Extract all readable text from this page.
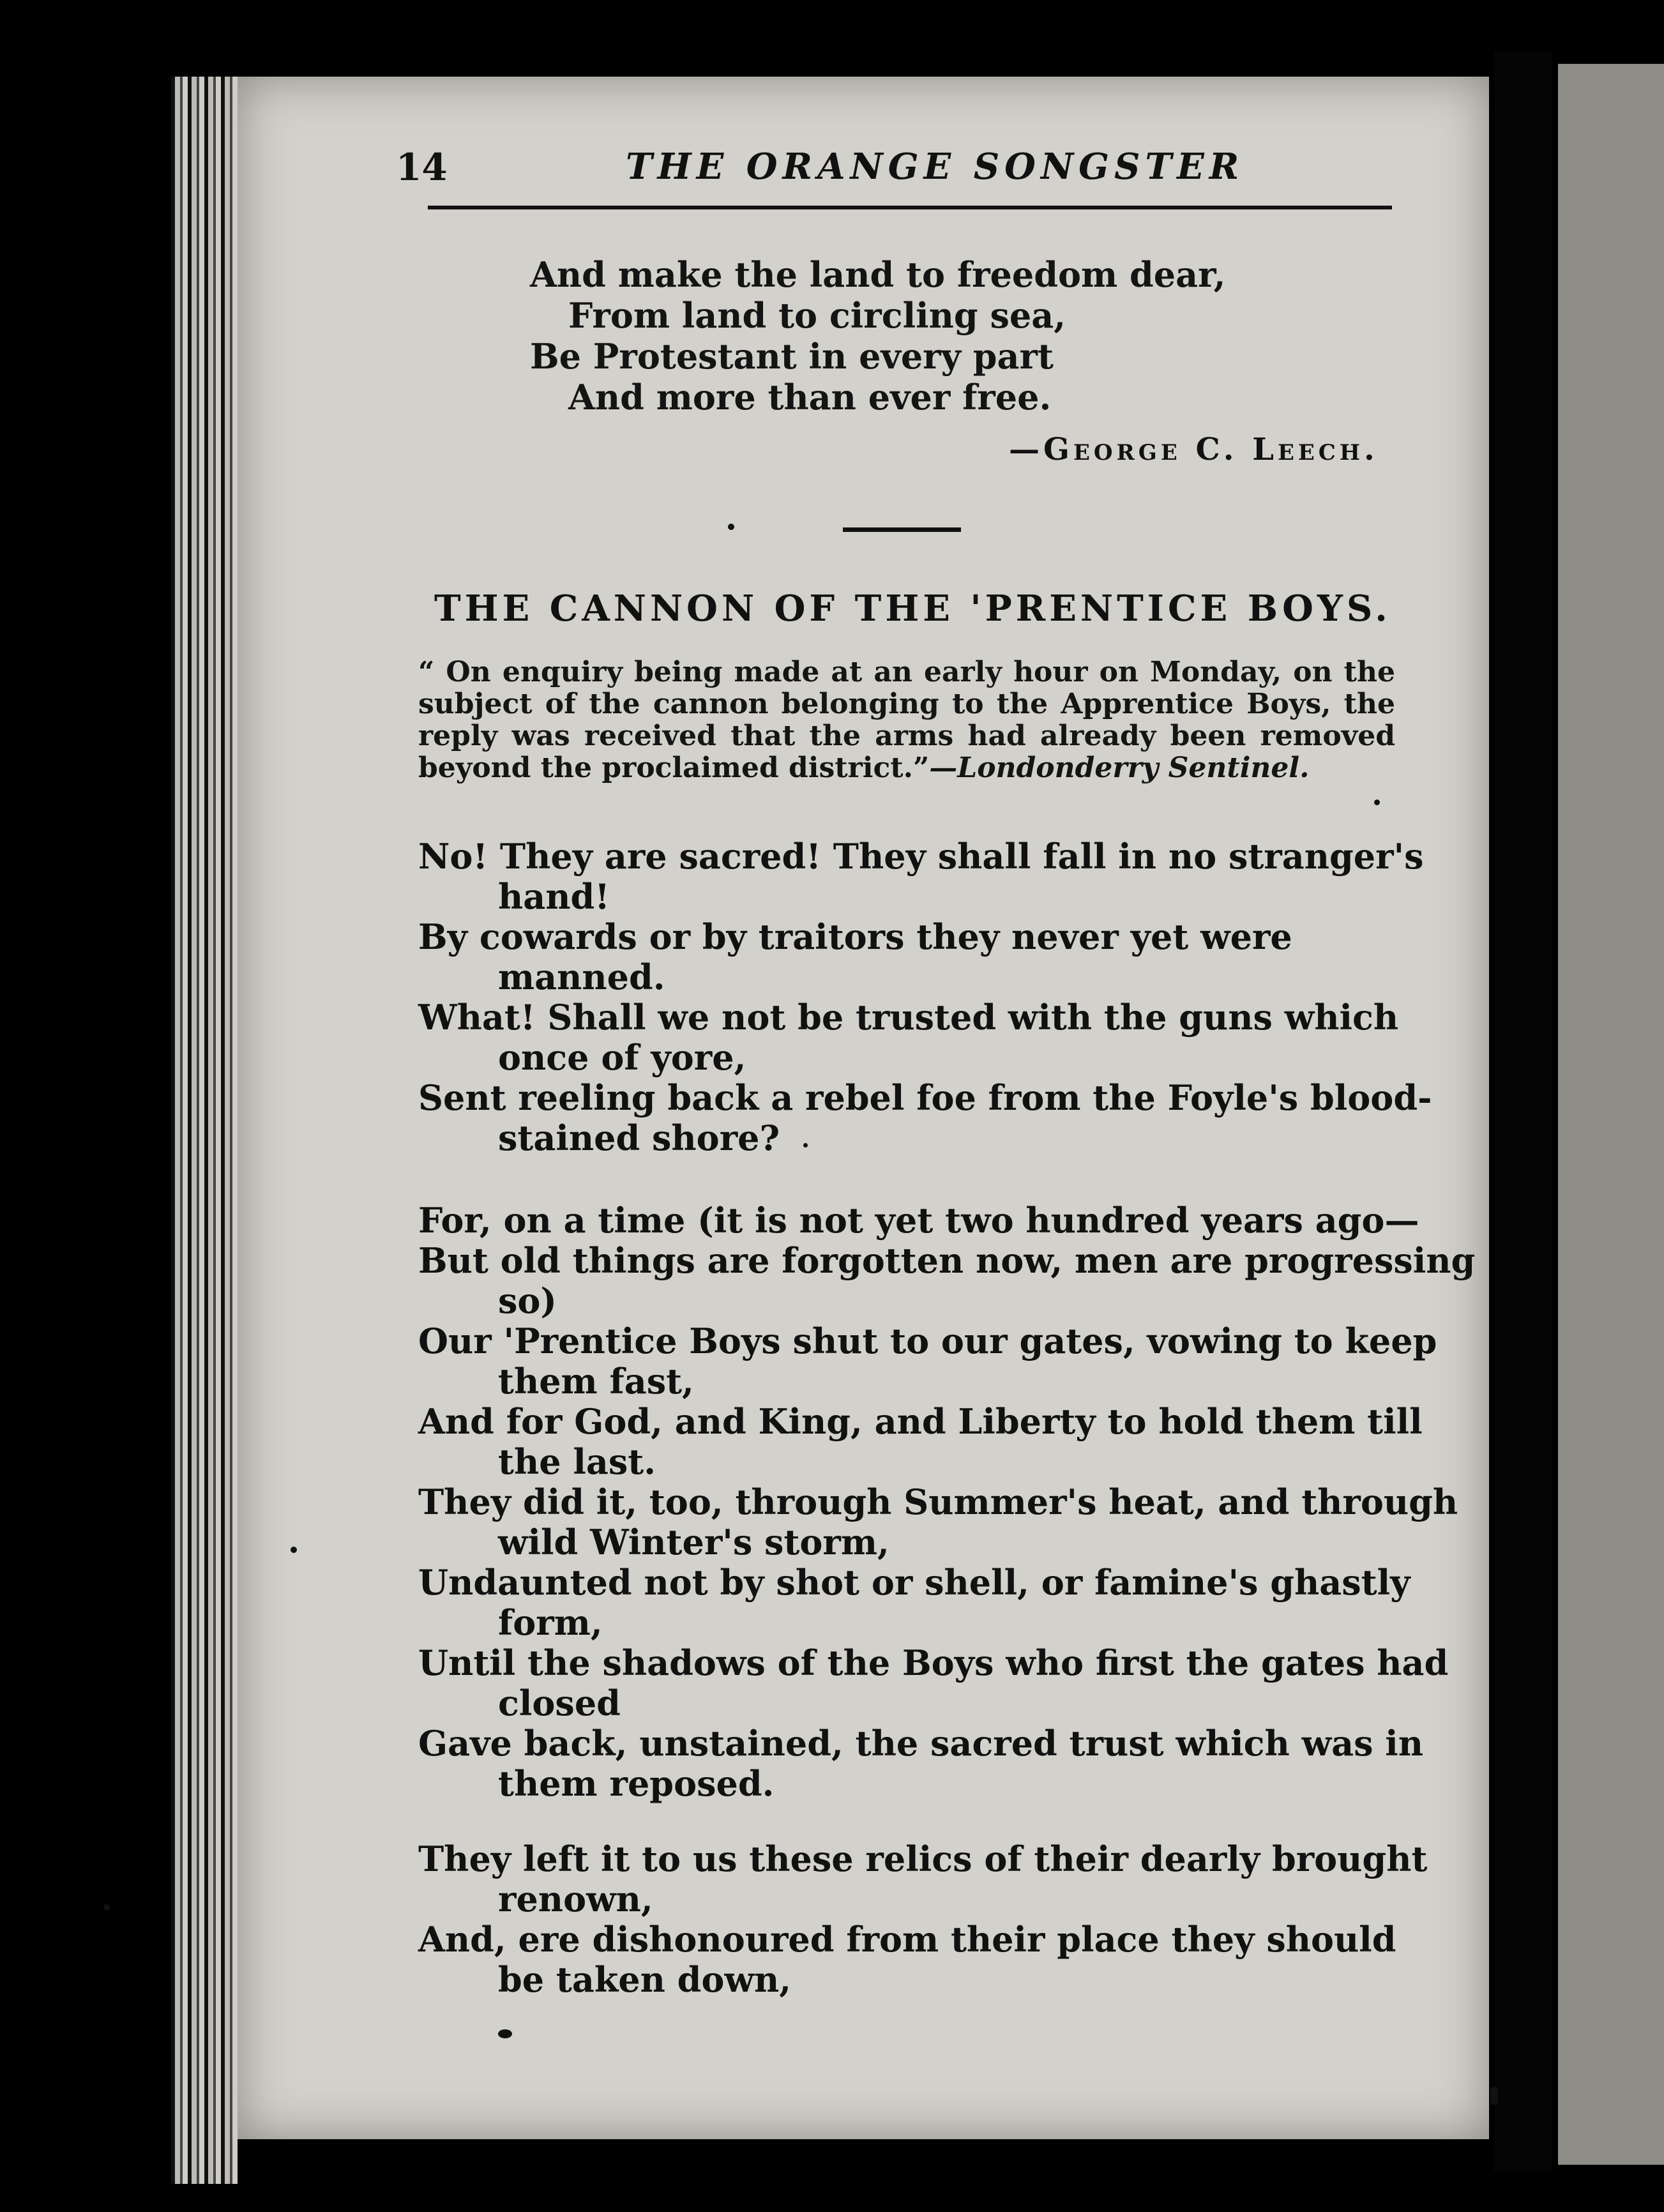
14	THE ORANGE SONGSTER
And make the land to freedom dear,
From land to circling sea,
Be Protestant in every part
And more than ever free.
—George C. Leech.
THE CANNON OF THE 'PRENTICE BOYS.
“ On enquiry being made at an early hour on Monday, on the subject of the cannon belonging to the Apprentice Boys, the reply was received that the arms had already been removed beyond the proclaimed district.”—Londonderry Sentinel.
No! They are sacred! They shall fall in no stranger's
hand!
By cowards or by traitors they never yet were
manned.
What! Shall we not be trusted with the guns which
once of yore,
Sent reeling back a rebel foe from the Foyle's blood-
stained shore?
For, on a time (it is not yet two hundred years ago—
But old things are forgotten now, men are progressing
so)
Our 'Prentice Boys shut to our gates, vowing to keep
them fast,
And for God, and King, and Liberty to hold them till
the last.
They did it, too, through Summer's heat, and through
wild Winter's storm,
Undaunted not by shot or shell, or famine's ghastly
form,
Until the shadows of the Boys who first the gates had
closed
Gave back, unstained, the sacred trust which was in
them reposed.
They left it to us these relics of their dearly brought
renown,
And, ere dishonoured from their place they should
be taken down,
